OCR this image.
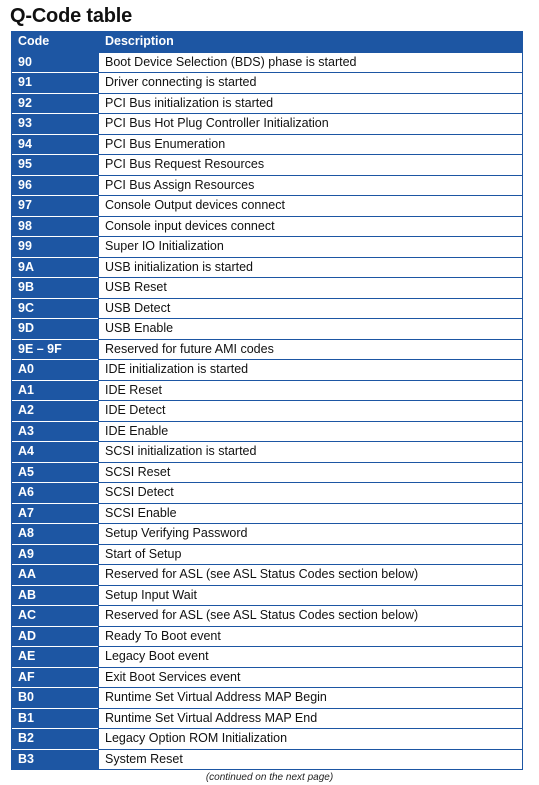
Q-Code table
Code	Description
90	Boot Device Selection (BDS) phase is started
91	Driver connecting is started
92	PCI Bus initialization is started
93	PCI Bus Hot Plug Controller Initialization
94	PCI Bus Enumeration
95	PCI Bus Request Resources
96	PCI Bus Assign Resources
97	Console Output devices connect
98	Console input devices connect
99	Super IO Initialization
9A	USB initialization is started
9B	USB Reset
9C	USB Detect
9D	USB Enable
9E – 9F	Reserved for future AMI codes
A0	IDE initialization is started
A1	IDE Reset
A2	IDE Detect
A3	IDE Enable
A4	SCSI initialization is started
A5	SCSI Reset
A6	SCSI Detect
A7	SCSI Enable
A8	Setup Verifying Password
A9	Start of Setup
AA	Reserved for ASL (see ASL Status Codes section below)
AB	Setup Input Wait
AC	Reserved for ASL (see ASL Status Codes section below)
AD	Ready To Boot event
AE	Legacy Boot event
AF	Exit Boot Services event
B0	Runtime Set Virtual Address MAP Begin
B1	Runtime Set Virtual Address MAP End
B2	Legacy Option ROM Initialization
B3	System Reset
(continued on the next page)
